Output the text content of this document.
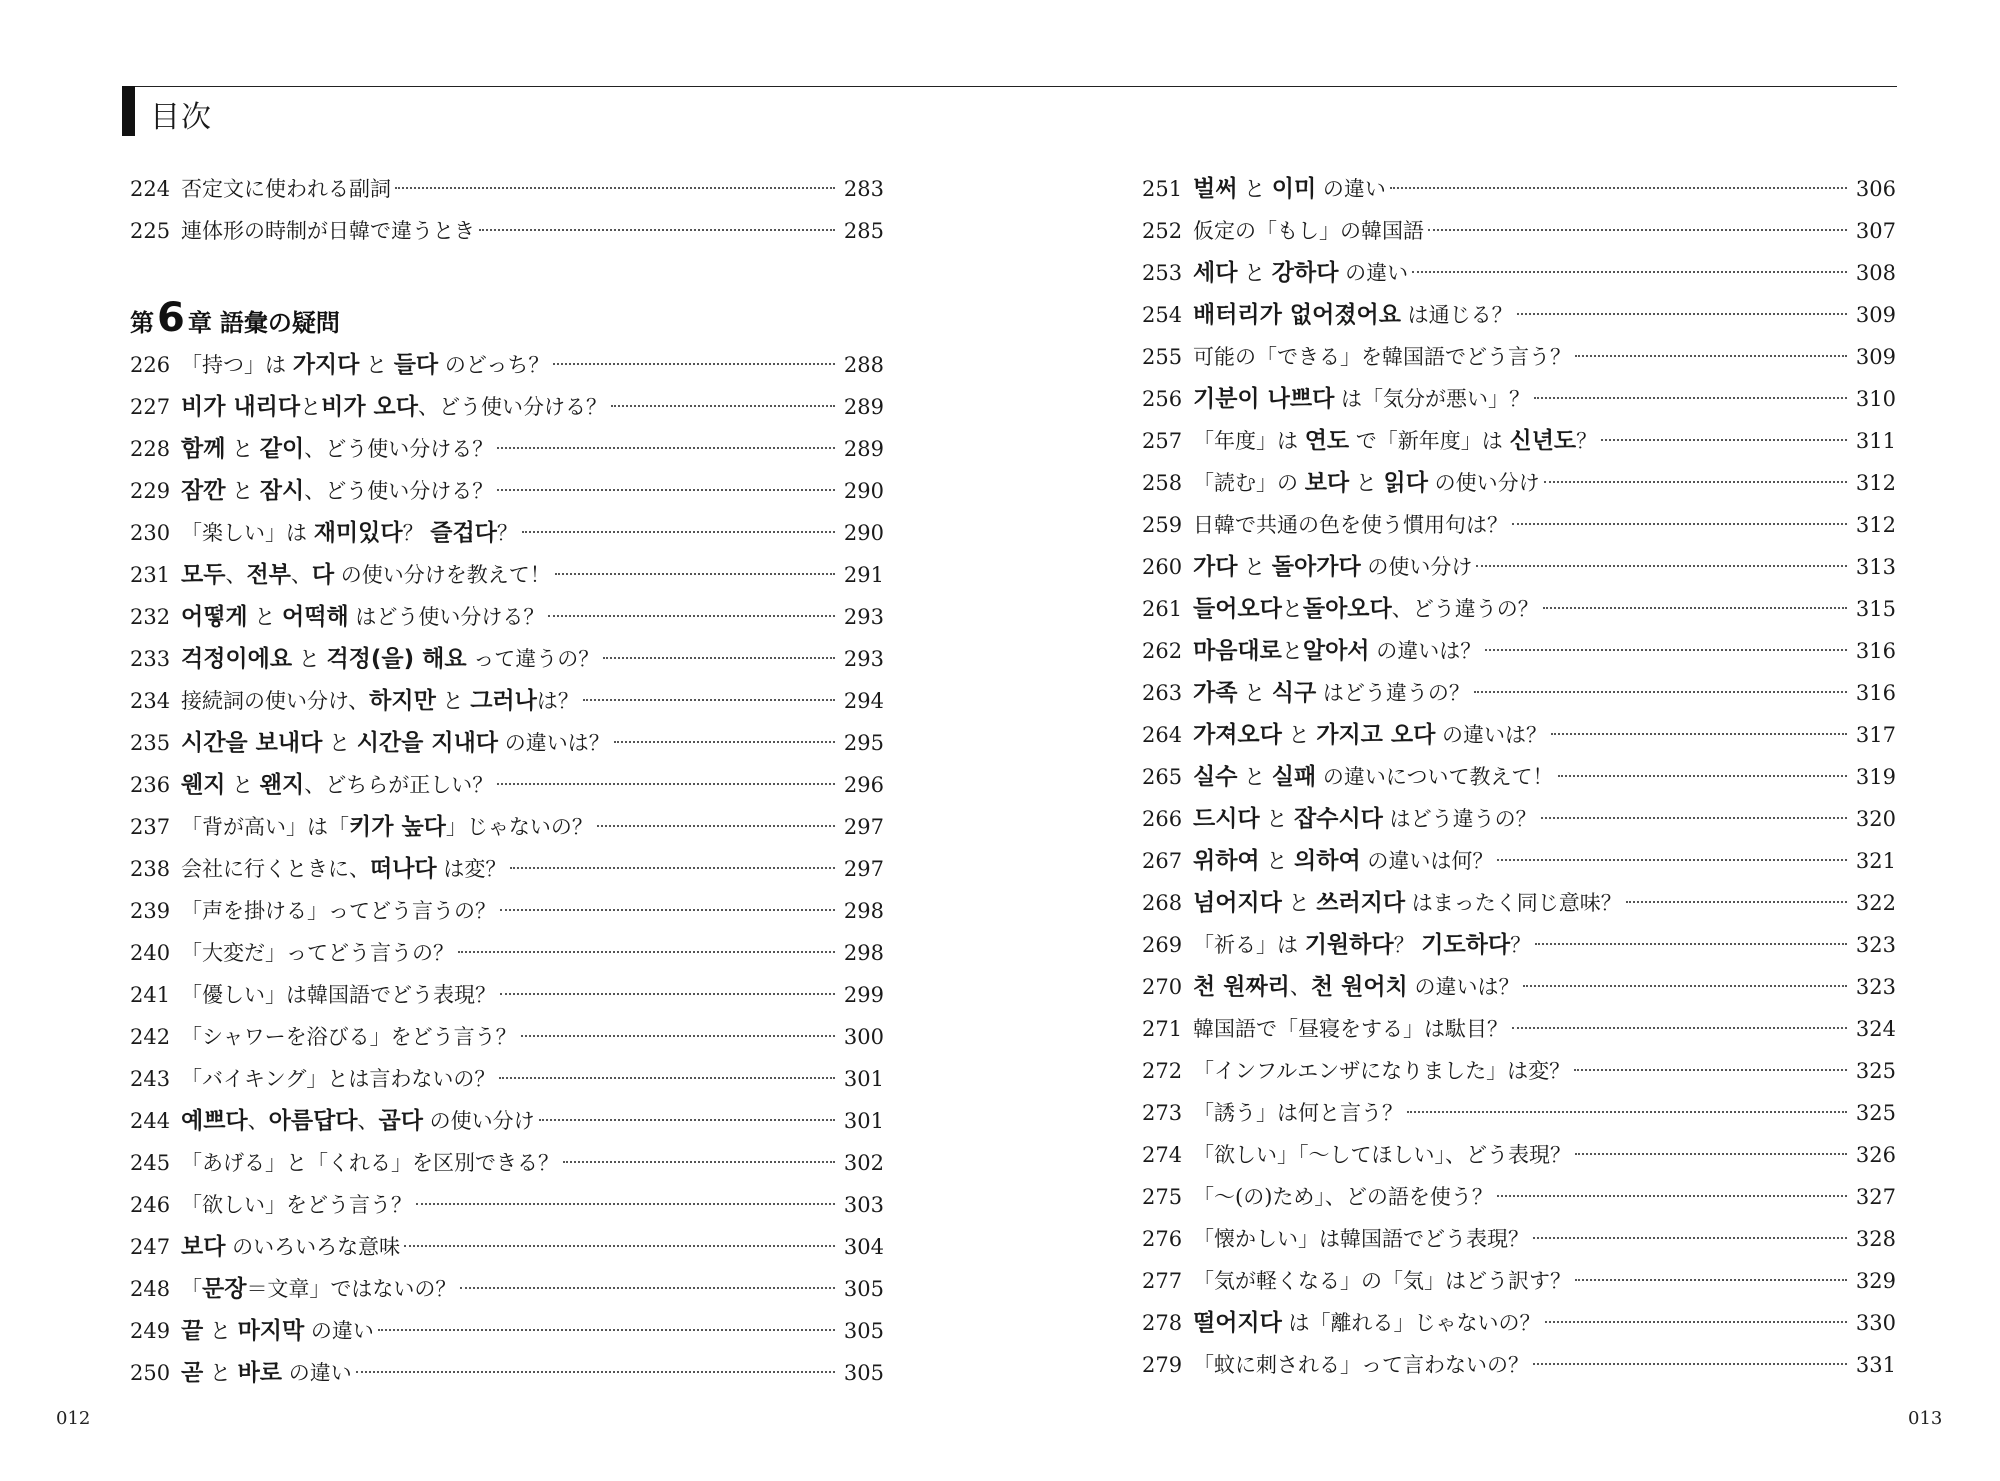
目次
224 否定文に使われる副詞	283
225 連体形の時制が日韓で違うとき	285
第 6 章 語彙の疑問
226 「持つ」は 가지다 と 들다 のどっち？	288
227 비가 내리다と비가 오다、どう使い分ける？	289
228 함께 と 같이、どう使い分ける？	289
229 잠깐 と 잠시、どう使い分ける？	290
230 「楽しい」は 재미있다？ 즐겁다？	290
231 모두、전부、다 の使い分けを教えて！	291
232 어떻게 と 어떡해 はどう使い分ける？	293
233 걱정이에요 と 걱정(을) 해요 って違うの？	293
234 接続詞の使い分け、하지만 と 그러나は？	294
235 시간을 보내다 と 시간을 지내다 の違いは？	295
236 웬지 と 왠지、どちらが正しい？	296
237 「背が高い」は「키가 높다」じゃないの？	297
238 会社に行くときに、떠나다 は変？	297
239 「声を掛ける」ってどう言うの？	298
240 「大変だ」ってどう言うの？	298
241 「優しい」は韓国語でどう表現？	299
242 「シャワーを浴びる」をどう言う？	300
243 「バイキング」とは言わないの？	301
244 예쁘다、아름답다、곱다 の使い分け	301
245 「あげる」と「くれる」を区別できる？	302
246 「欲しい」をどう言う？	303
247 보다 のいろいろな意味	304
248 「문장＝文章」ではないの？	305
249 끝 と 마지막 の違い	305
250 곧 と 바로 の違い	305
251 벌써 と 이미 の違い	306
252 仮定の「もし」の韓国語	307
253 세다 と 강하다 の違い	308
254 배터리가 없어졌어요 は通じる？	309
255 可能の「できる」を韓国語でどう言う？	309
256 기분이 나쁘다 は「気分が悪い」？	310
257 「年度」は 연도 で「新年度」は 신년도？	311
258 「読む」の 보다 と 읽다 の使い分け	312
259 日韓で共通の色を使う慣用句は？	312
260 가다 と 돌아가다 の使い分け	313
261 들어오다と돌아오다、どう違うの？	315
262 마음대로と알아서 の違いは？	316
263 가족 と 식구 はどう違うの？	316
264 가져오다 と 가지고 오다 の違いは？	317
265 실수 と 실패 の違いについて教えて！	319
266 드시다 と 잡수시다 はどう違うの？	320
267 위하여 と 의하여 の違いは何？	321
268 넘어지다 と 쓰러지다 はまったく同じ意味？	322
269 「祈る」は 기원하다？ 기도하다？	323
270 천 원짜리、천 원어치 の違いは？	323
271 韓国語で「昼寝をする」は駄目？	324
272 「インフルエンザになりました」は変？	325
273 「誘う」は何と言う？	325
274 「欲しい」「〜してほしい」、どう表現？	326
275 「〜(の)ため」、どの語を使う？	327
276 「懐かしい」は韓国語でどう表現？	328
277 「気が軽くなる」の「気」はどう訳す？	329
278 떨어지다 は「離れる」じゃないの？	330
279 「蚊に刺される」って言わないの？	331
012	013
